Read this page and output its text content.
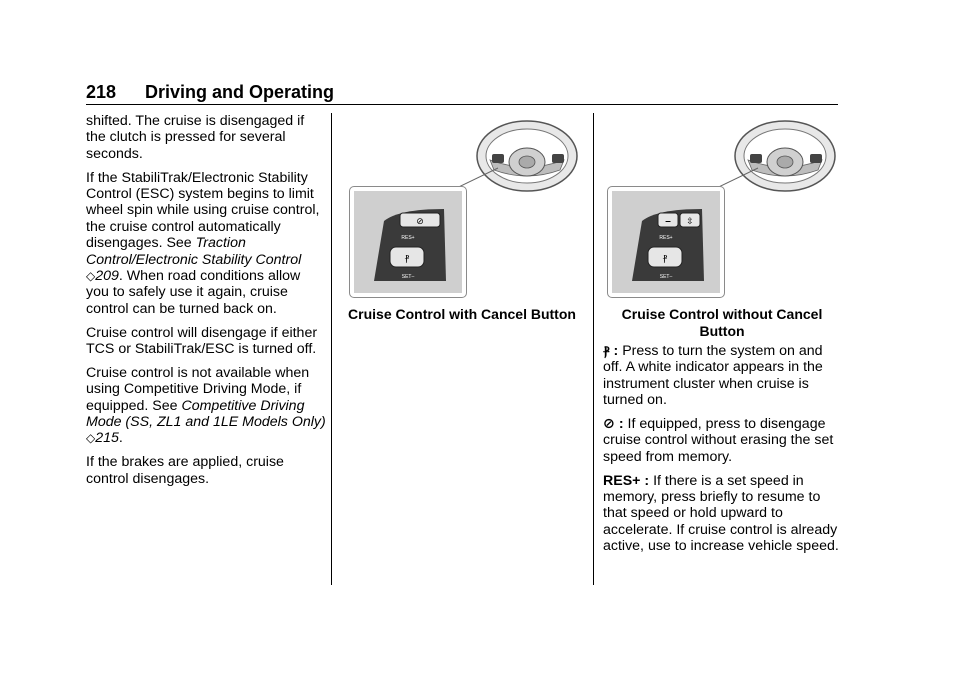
218 Driving and Operating

shifted. The cruise is disengaged if the clutch is pressed for several seconds.

If the StabiliTrak/Electronic Stability Control (ESC) system begins to limit wheel spin while using cruise control, the cruise control automatically disengages. See Traction Control/Electronic Stability Control ◇209. When road conditions allow you to safely use it again, cruise control can be turned back on.

Cruise control will disengage if either TCS or StabiliTrak/ESC is turned off.

Cruise control is not available when using Competitive Driving Mode, if equipped. See Competitive Driving Mode (SS, ZL1 and 1LE Models Only) ◇215.

If the brakes are applied, cruise control disengages.

⊘
RES+
ⳁ
SET–
Cruise Control with Cancel Button
– ⇳
RES+
ⳁ
SET–
Cruise Control without Cancel Button

ⳁ : Press to turn the system on and off. A white indicator appears in the instrument cluster when cruise is turned on.

⊘ : If equipped, press to disengage cruise control without erasing the set speed from memory.

RES+ : If there is a set speed in memory, press briefly to resume to that speed or hold upward to accelerate. If cruise control is already active, use to increase vehicle speed.
